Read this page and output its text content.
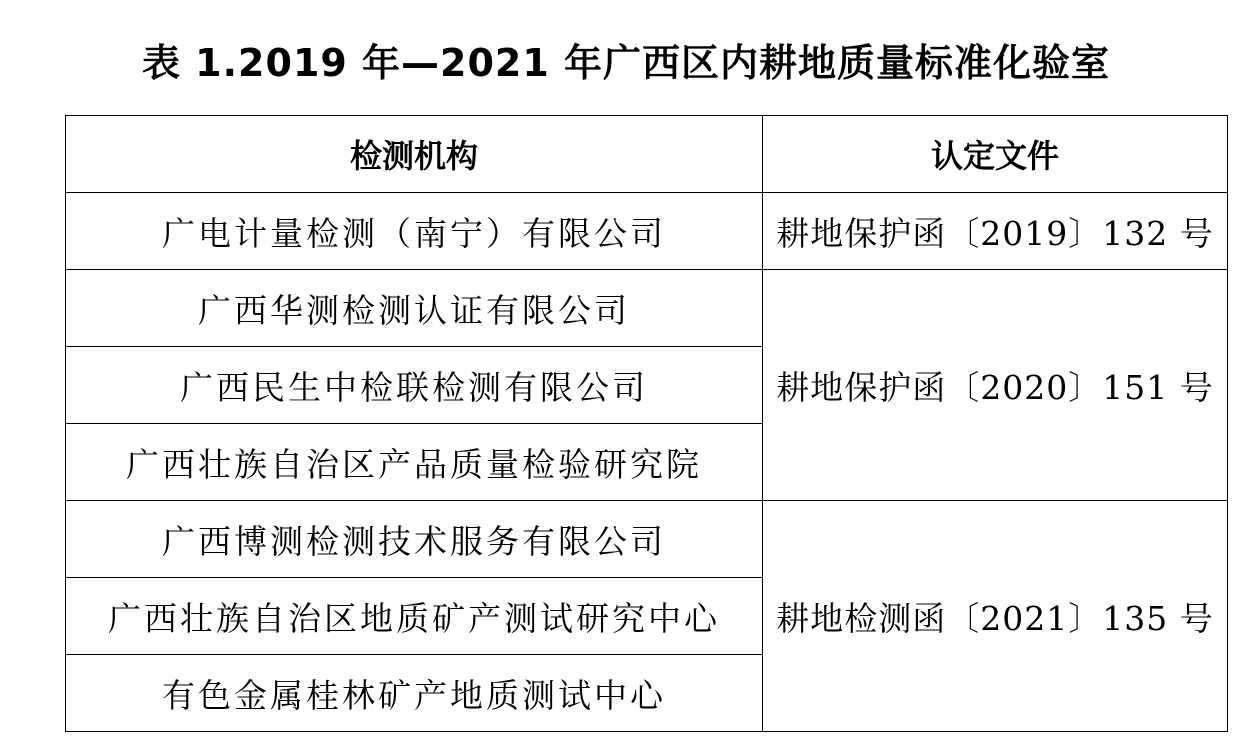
表 1.2019 年—2021 年广西区内耕地质量标准化验室
检测机构	认定文件
广电计量检测（南宁）有限公司	耕地保护函〔2019〕132 号
广西华测检测认证有限公司	耕地保护函〔2020〕151 号
广西民生中检联检测有限公司	
广西壮族自治区产品质量检验研究院	
广西博测检测技术服务有限公司	耕地检测函〔2021〕135 号
广西壮族自治区地质矿产测试研究中心	
有色金属桂林矿产地质测试中心	
